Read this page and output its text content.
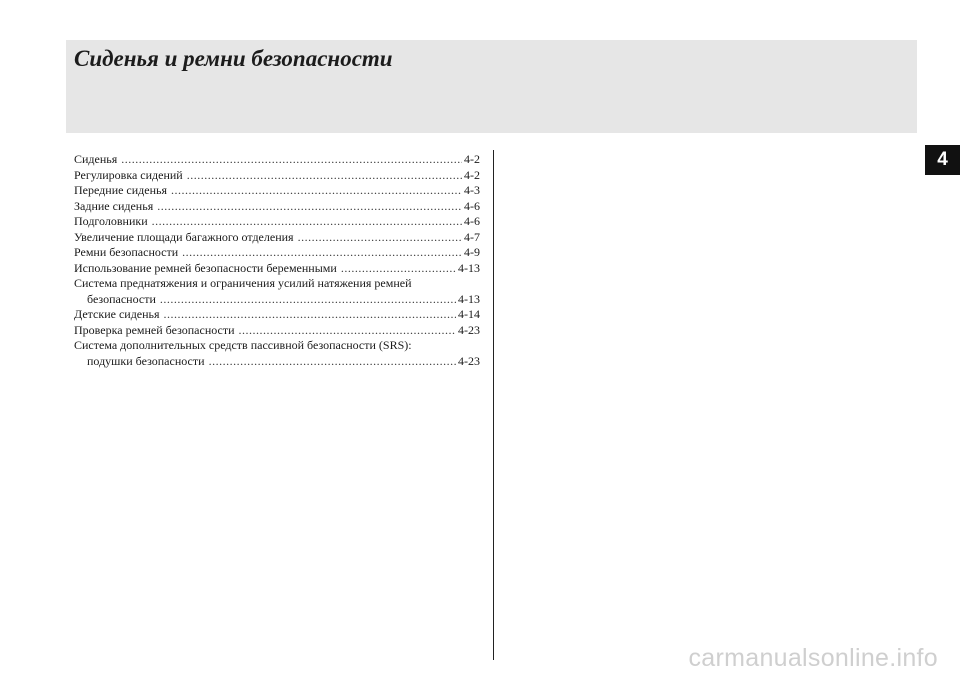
Сиденья и ремни безопасности
4
Сиденья .....	4-2
Регулировка сидений .....	4-2
Передние сиденья .....	4-3
Задние сиденья .....	4-6
Подголовники .....	4-6
Увеличение площади багажного отделения .....	4-7
Ремни безопасности .....	4-9
Использование ремней безопасности беременными .....	4-13
Система преднатяжения и ограничения усилий натяжения ремней
безопасности .....	4-13
Детские сиденья .....	4-14
Проверка ремней безопасности .....	4-23
Система дополнительных средств пассивной безопасности (SRS):
подушки безопасности .....	4-23
carmanualsonline.info
